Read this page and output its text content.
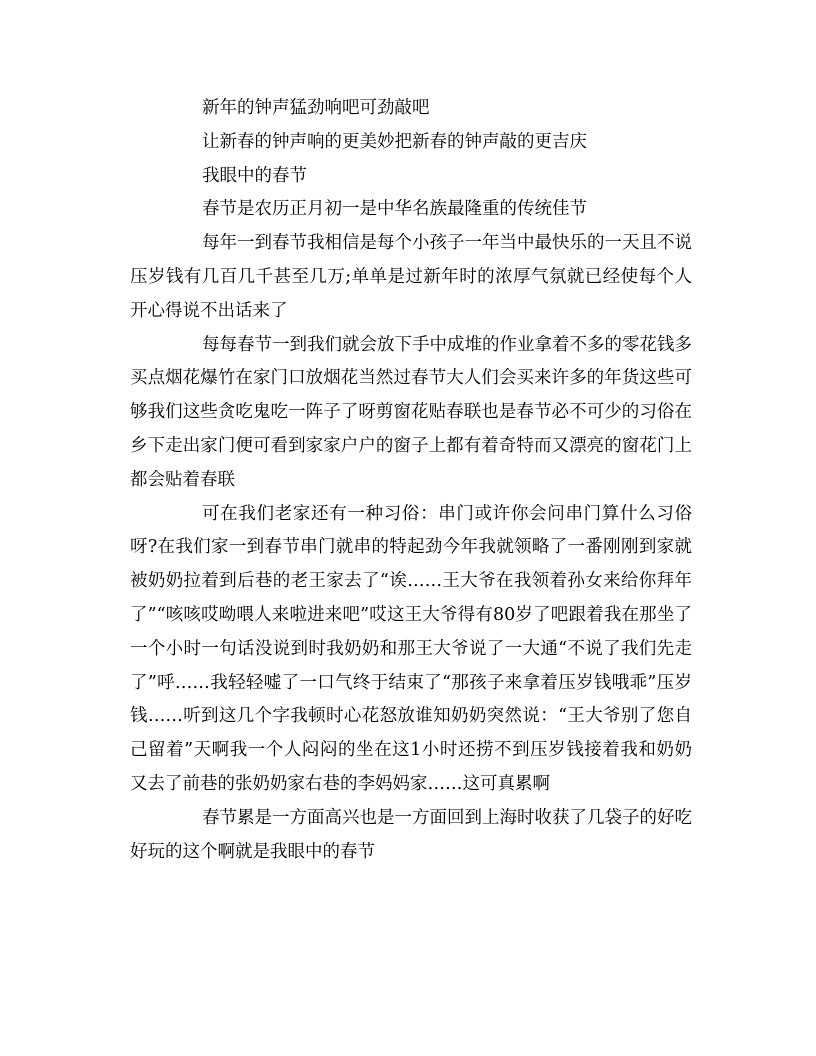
新年的钟声猛劲响吧可劲敲吧

让新春的钟声响的更美妙把新春的钟声敲的更吉庆

我眼中的春节

春节是农历正月初一是中华名族最隆重的传统佳节

每年一到春节我相信是每个小孩子一年当中最快乐的一天且不说压岁钱有几百几千甚至几万;单单是过新年时的浓厚气氛就已经使每个人开心得说不出话来了

每每春节一到我们就会放下手中成堆的作业拿着不多的零花钱多买点烟花爆竹在家门口放烟花当然过春节大人们会买来许多的年货这些可够我们这些贪吃鬼吃一阵子了呀剪窗花贴春联也是春节必不可少的习俗在乡下走出家门便可看到家家户户的窗子上都有着奇特而又漂亮的窗花门上都会贴着春联

可在我们老家还有一种习俗：串门或许你会问串门算什么习俗呀?在我们家一到春节串门就串的特起劲今年我就领略了一番刚刚到家就被奶奶拉着到后巷的老王家去了“诶……王大爷在我领着孙女来给你拜年了”“咳咳哎呦喂人来啦进来吧”哎这王大爷得有80岁了吧跟着我在那坐了一个小时一句话没说到时我奶奶和那王大爷说了一大通“不说了我们先走了”呼……我轻轻嘘了一口气终于结束了“那孩子来拿着压岁钱哦乖”压岁钱……听到这几个字我顿时心花怒放谁知奶奶突然说：“王大爷别了您自己留着”天啊我一个人闷闷的坐在这1小时还捞不到压岁钱接着我和奶奶又去了前巷的张奶奶家右巷的李妈妈家……这可真累啊

春节累是一方面高兴也是一方面回到上海时收获了几袋子的好吃好玩的这个啊就是我眼中的春节
